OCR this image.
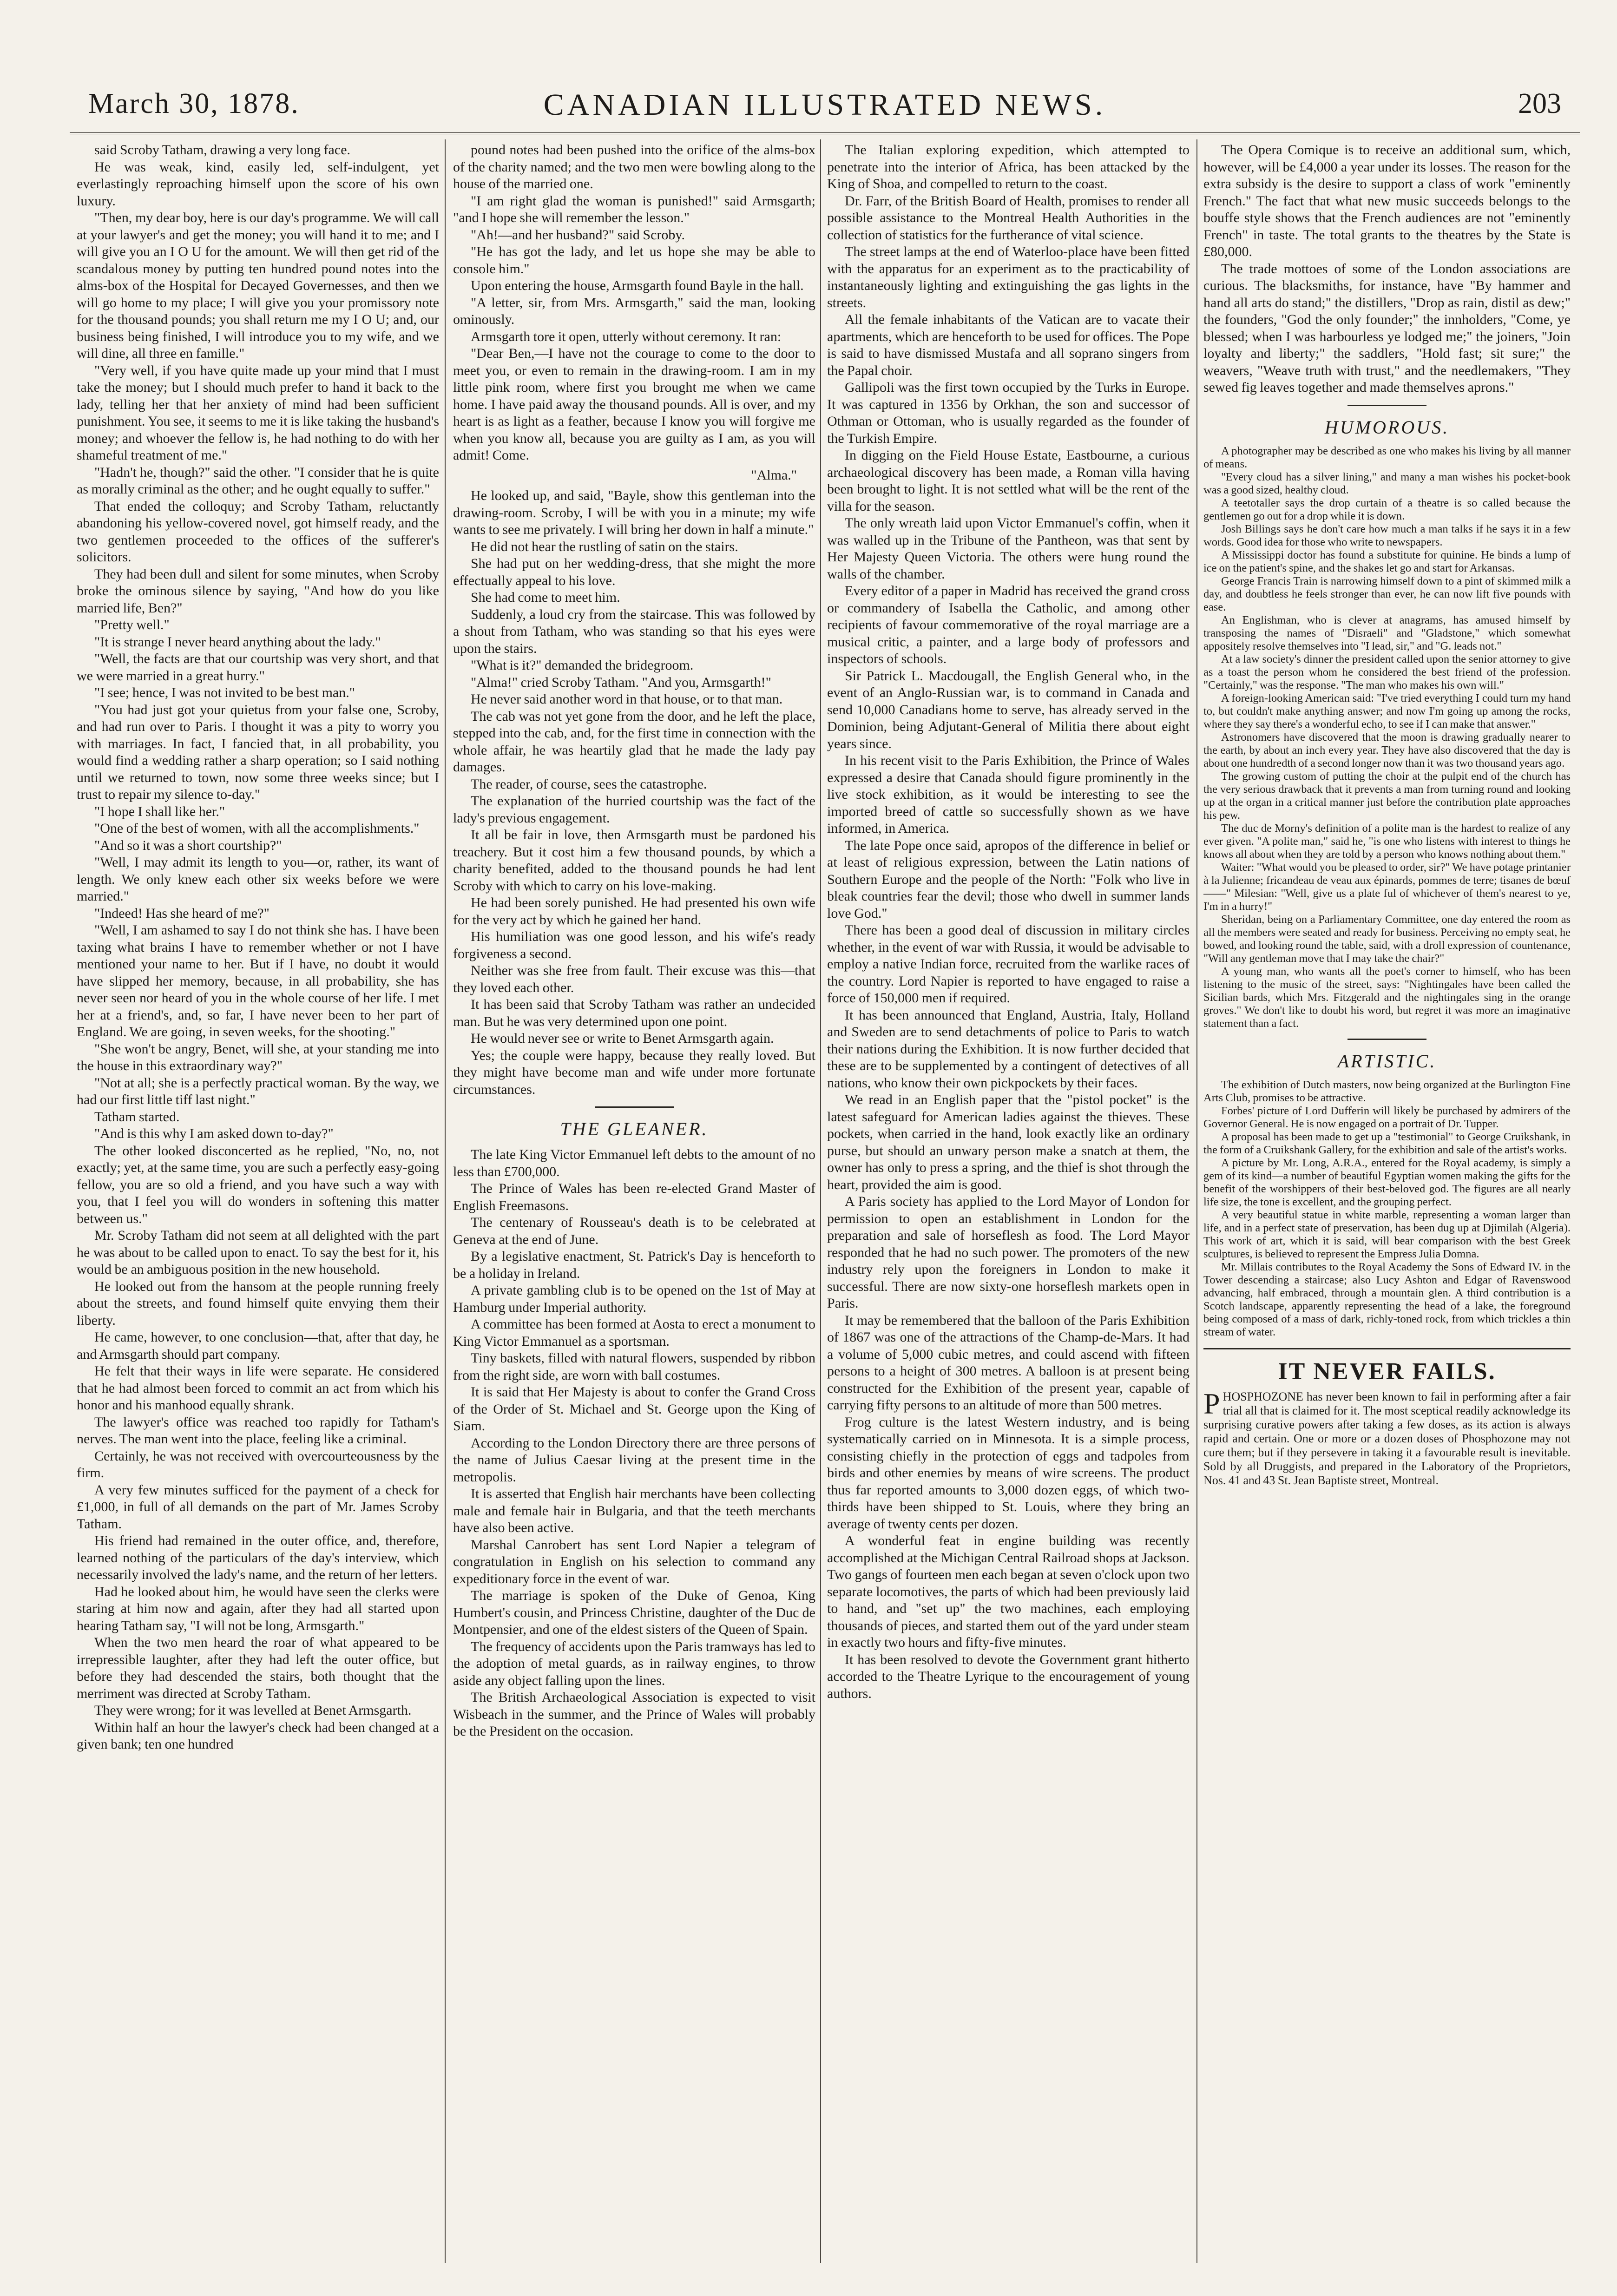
March 30, 1878.	CANADIAN ILLUSTRATED NEWS.	203

said Scroby Tatham, drawing a very long face.

He was weak, kind, easily led, self-indulgent, yet everlastingly reproaching himself upon the score of his own luxury.

"Then, my dear boy, here is our day's programme. We will call at your lawyer's and get the money; you will hand it to me; and I will give you an I O U for the amount. We will then get rid of the scandalous money by putting ten hundred pound notes into the alms-box of the Hospital for Decayed Governesses, and then we will go home to my place; I will give you your promissory note for the thousand pounds; you shall return me my I O U; and, our business being finished, I will introduce you to my wife, and we will dine, all three en famille."

"Very well, if you have quite made up your mind that I must take the money; but I should much prefer to hand it back to the lady, telling her that her anxiety of mind had been sufficient punishment. You see, it seems to me it is like taking the husband's money; and whoever the fellow is, he had nothing to do with her shameful treatment of me."

"Hadn't he, though?" said the other. "I consider that he is quite as morally criminal as the other; and he ought equally to suffer."

That ended the colloquy; and Scroby Tatham, reluctantly abandoning his yellow-covered novel, got himself ready, and the two gentlemen proceeded to the offices of the sufferer's solicitors.

They had been dull and silent for some minutes, when Scroby broke the ominous silence by saying, "And how do you like married life, Ben?"

"Pretty well."

"It is strange I never heard anything about the lady."

"Well, the facts are that our courtship was very short, and that we were married in a great hurry."

"I see; hence, I was not invited to be best man."

"You had just got your quietus from your false one, Scroby, and had run over to Paris. I thought it was a pity to worry you with marriages. In fact, I fancied that, in all probability, you would find a wedding rather a sharp operation; so I said nothing until we returned to town, now some three weeks since; but I trust to repair my silence to-day."

"I hope I shall like her."

"One of the best of women, with all the accomplishments."

"And so it was a short courtship?"

"Well, I may admit its length to you—or, rather, its want of length. We only knew each other six weeks before we were married."

"Indeed! Has she heard of me?"

"Well, I am ashamed to say I do not think she has. I have been taxing what brains I have to remember whether or not I have mentioned your name to her. But if I have, no doubt it would have slipped her memory, because, in all probability, she has never seen nor heard of you in the whole course of her life. I met her at a friend's, and, so far, I have never been to her part of England. We are going, in seven weeks, for the shooting."

"She won't be angry, Benet, will she, at your standing me into the house in this extraordinary way?"

"Not at all; she is a perfectly practical woman. By the way, we had our first little tiff last night."

Tatham started.

"And is this why I am asked down to-day?"

The other looked disconcerted as he replied, "No, no, not exactly; yet, at the same time, you are such a perfectly easy-going fellow, you are so old a friend, and you have such a way with you, that I feel you will do wonders in softening this matter between us."

Mr. Scroby Tatham did not seem at all delighted with the part he was about to be called upon to enact. To say the best for it, his would be an ambiguous position in the new household.

He looked out from the hansom at the people running freely about the streets, and found himself quite envying them their liberty.

He came, however, to one conclusion—that, after that day, he and Armsgarth should part company.

He felt that their ways in life were separate. He considered that he had almost been forced to commit an act from which his honor and his manhood equally shrank.

The lawyer's office was reached too rapidly for Tatham's nerves. The man went into the place, feeling like a criminal.

Certainly, he was not received with overcourteousness by the firm.

A very few minutes sufficed for the payment of a check for £1,000, in full of all demands on the part of Mr. James Scroby Tatham.

His friend had remained in the outer office, and, therefore, learned nothing of the particulars of the day's interview, which necessarily involved the lady's name, and the return of her letters.

Had he looked about him, he would have seen the clerks were staring at him now and again, after they had all started upon hearing Tatham say, "I will not be long, Armsgarth."

When the two men heard the roar of what appeared to be irrepressible laughter, after they had left the outer office, but before they had descended the stairs, both thought that the merriment was directed at Scroby Tatham.

They were wrong; for it was levelled at Benet Armsgarth.

Within half an hour the lawyer's check had been changed at a given bank; ten one hundred

pound notes had been pushed into the orifice of the alms-box of the charity named; and the two men were bowling along to the house of the married one.

"I am right glad the woman is punished!" said Armsgarth; "and I hope she will remember the lesson."

"Ah!—and her husband?" said Scroby.

"He has got the lady, and let us hope she may be able to console him."

Upon entering the house, Armsgarth found Bayle in the hall.

"A letter, sir, from Mrs. Armsgarth," said the man, looking ominously.

Armsgarth tore it open, utterly without ceremony. It ran:

"Dear Ben,—I have not the courage to come to the door to meet you, or even to remain in the drawing-room. I am in my little pink room, where first you brought me when we came home. I have paid away the thousand pounds. All is over, and my heart is as light as a feather, because I know you will forgive me when you know all, because you are guilty as I am, as you will admit! Come.

"Alma."

He looked up, and said, "Bayle, show this gentleman into the drawing-room. Scroby, I will be with you in a minute; my wife wants to see me privately. I will bring her down in half a minute."

He did not hear the rustling of satin on the stairs.

She had put on her wedding-dress, that she might the more effectually appeal to his love.

She had come to meet him.

Suddenly, a loud cry from the staircase. This was followed by a shout from Tatham, who was standing so that his eyes were upon the stairs.

"What is it?" demanded the bridegroom.

"Alma!" cried Scroby Tatham. "And you, Armsgarth!"

He never said another word in that house, or to that man.

The cab was not yet gone from the door, and he left the place, stepped into the cab, and, for the first time in connection with the whole affair, he was heartily glad that he made the lady pay damages.

The reader, of course, sees the catastrophe.

The explanation of the hurried courtship was the fact of the lady's previous engagement.

It all be fair in love, then Armsgarth must be pardoned his treachery. But it cost him a few thousand pounds, by which a charity benefited, added to the thousand pounds he had lent Scroby with which to carry on his love-making.

He had been sorely punished. He had presented his own wife for the very act by which he gained her hand.

His humiliation was one good lesson, and his wife's ready forgiveness a second.

Neither was she free from fault. Their excuse was this—that they loved each other.

It has been said that Scroby Tatham was rather an undecided man. But he was very determined upon one point.

He would never see or write to Benet Armsgarth again.

Yes; the couple were happy, because they really loved. But they might have become man and wife under more fortunate circumstances.

THE GLEANER.

The late King Victor Emmanuel left debts to the amount of no less than £700,000.

The Prince of Wales has been re-elected Grand Master of English Freemasons.

The centenary of Rousseau's death is to be celebrated at Geneva at the end of June.

By a legislative enactment, St. Patrick's Day is henceforth to be a holiday in Ireland.

A private gambling club is to be opened on the 1st of May at Hamburg under Imperial authority.

A committee has been formed at Aosta to erect a monument to King Victor Emmanuel as a sportsman.

Tiny baskets, filled with natural flowers, suspended by ribbon from the right side, are worn with ball costumes.

It is said that Her Majesty is about to confer the Grand Cross of the Order of St. Michael and St. George upon the King of Siam.

According to the London Directory there are three persons of the name of Julius Caesar living at the present time in the metropolis.

It is asserted that English hair merchants have been collecting male and female hair in Bulgaria, and that the teeth merchants have also been active.

Marshal Canrobert has sent Lord Napier a telegram of congratulation in English on his selection to command any expeditionary force in the event of war.

The marriage is spoken of the Duke of Genoa, King Humbert's cousin, and Princess Christine, daughter of the Duc de Montpensier, and one of the eldest sisters of the Queen of Spain.

The frequency of accidents upon the Paris tramways has led to the adoption of metal guards, as in railway engines, to throw aside any object falling upon the lines.

The British Archaeological Association is expected to visit Wisbeach in the summer, and the Prince of Wales will probably be the President on the occasion.

The Italian exploring expedition, which attempted to penetrate into the interior of Africa, has been attacked by the King of Shoa, and compelled to return to the coast.

Dr. Farr, of the British Board of Health, promises to render all possible assistance to the Montreal Health Authorities in the collection of statistics for the furtherance of vital science.

The street lamps at the end of Waterloo-place have been fitted with the apparatus for an experiment as to the practicability of instantaneously lighting and extinguishing the gas lights in the streets.

All the female inhabitants of the Vatican are to vacate their apartments, which are henceforth to be used for offices. The Pope is said to have dismissed Mustafa and all soprano singers from the Papal choir.

Gallipoli was the first town occupied by the Turks in Europe. It was captured in 1356 by Orkhan, the son and successor of Othman or Ottoman, who is usually regarded as the founder of the Turkish Empire.

In digging on the Field House Estate, Eastbourne, a curious archaeological discovery has been made, a Roman villa having been brought to light. It is not settled what will be the rent of the villa for the season.

The only wreath laid upon Victor Emmanuel's coffin, when it was walled up in the Tribune of the Pantheon, was that sent by Her Majesty Queen Victoria. The others were hung round the walls of the chamber.

Every editor of a paper in Madrid has received the grand cross or commandery of Isabella the Catholic, and among other recipients of favour commemorative of the royal marriage are a musical critic, a painter, and a large body of professors and inspectors of schools.

Sir Patrick L. Macdougall, the English General who, in the event of an Anglo-Russian war, is to command in Canada and send 10,000 Canadians home to serve, has already served in the Dominion, being Adjutant-General of Militia there about eight years since.

In his recent visit to the Paris Exhibition, the Prince of Wales expressed a desire that Canada should figure prominently in the live stock exhibition, as it would be interesting to see the imported breed of cattle so successfully shown as we have informed, in America.

The late Pope once said, apropos of the difference in belief or at least of religious expression, between the Latin nations of Southern Europe and the people of the North: "Folk who live in bleak countries fear the devil; those who dwell in summer lands love God."

There has been a good deal of discussion in military circles whether, in the event of war with Russia, it would be advisable to employ a native Indian force, recruited from the warlike races of the country. Lord Napier is reported to have engaged to raise a force of 150,000 men if required.

It has been announced that England, Austria, Italy, Holland and Sweden are to send detachments of police to Paris to watch their nations during the Exhibition. It is now further decided that these are to be supplemented by a contingent of detectives of all nations, who know their own pickpockets by their faces.

We read in an English paper that the "pistol pocket" is the latest safeguard for American ladies against the thieves. These pockets, when carried in the hand, look exactly like an ordinary purse, but should an unwary person make a snatch at them, the owner has only to press a spring, and the thief is shot through the heart, provided the aim is good.

A Paris society has applied to the Lord Mayor of London for permission to open an establishment in London for the preparation and sale of horseflesh as food. The Lord Mayor responded that he had no such power. The promoters of the new industry rely upon the foreigners in London to make it successful. There are now sixty-one horseflesh markets open in Paris.

It may be remembered that the balloon of the Paris Exhibition of 1867 was one of the attractions of the Champ-de-Mars. It had a volume of 5,000 cubic metres, and could ascend with fifteen persons to a height of 300 metres. A balloon is at present being constructed for the Exhibition of the present year, capable of carrying fifty persons to an altitude of more than 500 metres.

Frog culture is the latest Western industry, and is being systematically carried on in Minnesota. It is a simple process, consisting chiefly in the protection of eggs and tadpoles from birds and other enemies by means of wire screens. The product thus far reported amounts to 3,000 dozen eggs, of which two-thirds have been shipped to St. Louis, where they bring an average of twenty cents per dozen.

A wonderful feat in engine building was recently accomplished at the Michigan Central Railroad shops at Jackson. Two gangs of fourteen men each began at seven o'clock upon two separate locomotives, the parts of which had been previously laid to hand, and "set up" the two machines, each employing thousands of pieces, and started them out of the yard under steam in exactly two hours and fifty-five minutes.

It has been resolved to devote the Government grant hitherto accorded to the Theatre Lyrique to the encouragement of young authors.

The Opera Comique is to receive an additional sum, which, however, will be £4,000 a year under its losses. The reason for the extra subsidy is the desire to support a class of work "eminently French." The fact that what new music succeeds belongs to the bouffe style shows that the French audiences are not "eminently French" in taste. The total grants to the theatres by the State is £80,000.

The trade mottoes of some of the London associations are curious. The blacksmiths, for instance, have "By hammer and hand all arts do stand;" the distillers, "Drop as rain, distil as dew;" the founders, "God the only founder;" the innholders, "Come, ye blessed; when I was harbourless ye lodged me;" the joiners, "Join loyalty and liberty;" the saddlers, "Hold fast; sit sure;" the weavers, "Weave truth with trust," and the needlemakers, "They sewed fig leaves together and made themselves aprons."

HUMOROUS.

A photographer may be described as one who makes his living by all manner of means.

"Every cloud has a silver lining," and many a man wishes his pocket-book was a good sized, healthy cloud.

A teetotaller says the drop curtain of a theatre is so called because the gentlemen go out for a drop while it is down.

Josh Billings says he don't care how much a man talks if he says it in a few words. Good idea for those who write to newspapers.

A Mississippi doctor has found a substitute for quinine. He binds a lump of ice on the patient's spine, and the shakes let go and start for Arkansas.

George Francis Train is narrowing himself down to a pint of skimmed milk a day, and doubtless he feels stronger than ever, he can now lift five pounds with ease.

An Englishman, who is clever at anagrams, has amused himself by transposing the names of "Disraeli" and "Gladstone," which somewhat appositely resolve themselves into "I lead, sir," and "G. leads not."

At a law society's dinner the president called upon the senior attorney to give as a toast the person whom he considered the best friend of the profession. "Certainly," was the response. "The man who makes his own will."

A foreign-looking American said: "I've tried everything I could turn my hand to, but couldn't make anything answer; and now I'm going up among the rocks, where they say there's a wonderful echo, to see if I can make that answer."

Astronomers have discovered that the moon is drawing gradually nearer to the earth, by about an inch every year. They have also discovered that the day is about one hundredth of a second longer now than it was two thousand years ago.

The growing custom of putting the choir at the pulpit end of the church has the very serious drawback that it prevents a man from turning round and looking up at the organ in a critical manner just before the contribution plate approaches his pew.

The duc de Morny's definition of a polite man is the hardest to realize of any ever given. "A polite man," said he, "is one who listens with interest to things he knows all about when they are told by a person who knows nothing about them."

Waiter: "What would you be pleased to order, sir?" We have potage printanier à la Julienne; fricandeau de veau aux épinards, pommes de terre; tisanes de bœuf——" Milesian: "Well, give us a plate ful of whichever of them's nearest to ye, I'm in a hurry!"

Sheridan, being on a Parliamentary Committee, one day entered the room as all the members were seated and ready for business. Perceiving no empty seat, he bowed, and looking round the table, said, with a droll expression of countenance, "Will any gentleman move that I may take the chair?"

A young man, who wants all the poet's corner to himself, who has been listening to the music of the street, says: "Nightingales have been called the Sicilian bards, which Mrs. Fitzgerald and the nightingales sing in the orange groves." We don't like to doubt his word, but regret it was more an imaginative statement than a fact.

ARTISTIC.

The exhibition of Dutch masters, now being organized at the Burlington Fine Arts Club, promises to be attractive.

Forbes' picture of Lord Dufferin will likely be purchased by admirers of the Governor General. He is now engaged on a portrait of Dr. Tupper.

A proposal has been made to get up a "testimonial" to George Cruikshank, in the form of a Cruikshank Gallery, for the exhibition and sale of the artist's works.

A picture by Mr. Long, A.R.A., entered for the Royal academy, is simply a gem of its kind—a number of beautiful Egyptian women making the gifts for the benefit of the worshippers of their best-beloved god. The figures are all nearly life size, the tone is excellent, and the grouping perfect.

A very beautiful statue in white marble, representing a woman larger than life, and in a perfect state of preservation, has been dug up at Djimilah (Algeria). This work of art, which it is said, will bear comparison with the best Greek sculptures, is believed to represent the Empress Julia Domna.

Mr. Millais contributes to the Royal Academy the Sons of Edward IV. in the Tower descending a staircase; also Lucy Ashton and Edgar of Ravenswood advancing, half embraced, through a mountain glen. A third contribution is a Scotch landscape, apparently representing the head of a lake, the foreground being composed of a mass of dark, richly-toned rock, from which trickles a thin stream of water.

IT NEVER FAILS.

PHOSPHOZONE has never been known to fail in performing after a fair trial all that is claimed for it. The most sceptical readily acknowledge its surprising curative powers after taking a few doses, as its action is always rapid and certain. One or more or a dozen doses of Phosphozone may not cure them; but if they persevere in taking it a favourable result is inevitable. Sold by all Druggists, and prepared in the Laboratory of the Proprietors, Nos. 41 and 43 St. Jean Baptiste street, Montreal.
